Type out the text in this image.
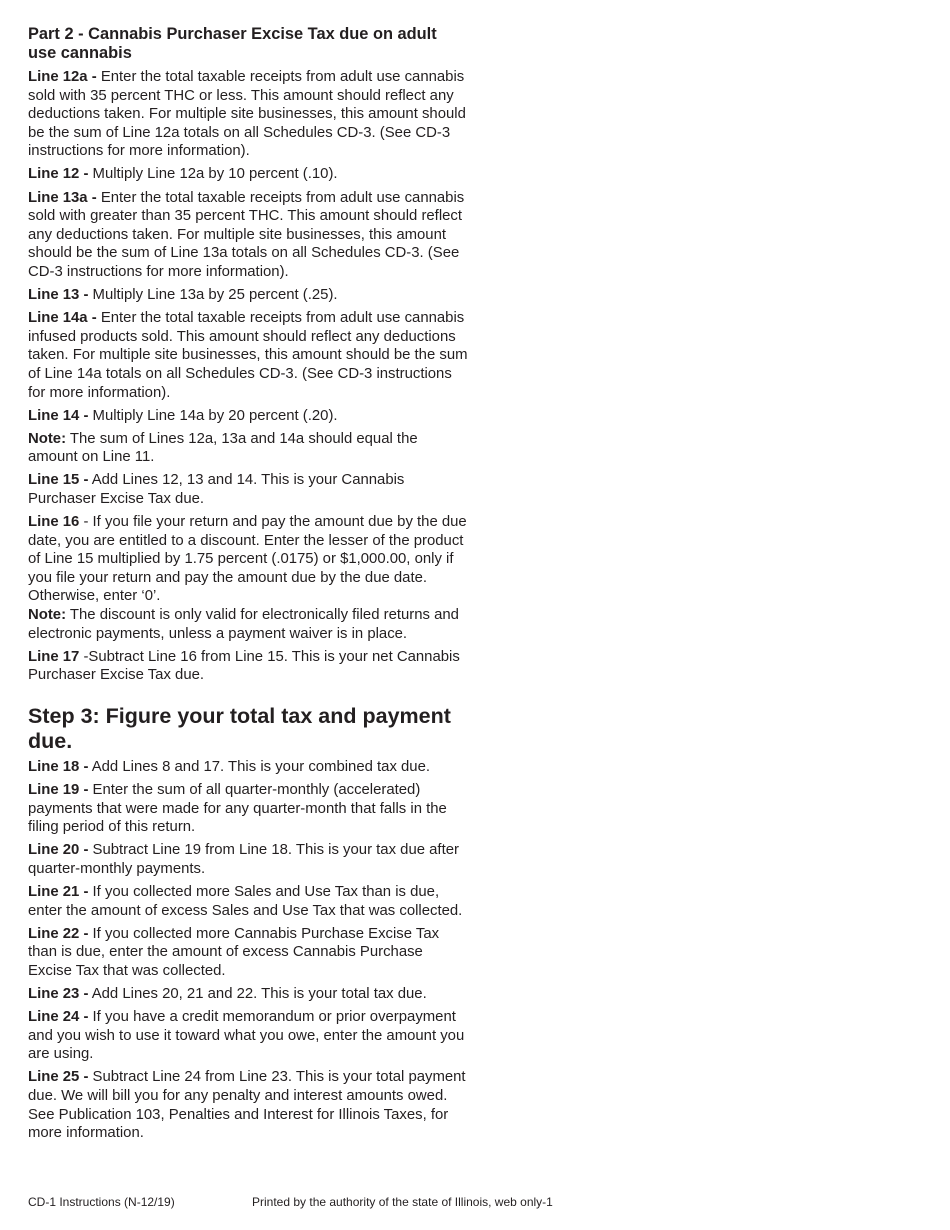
Part 2 - Cannabis Purchaser Excise Tax due on adult use cannabis

Line 12a - Enter the total taxable receipts from adult use cannabis sold with 35 percent THC or less. This amount should reflect any deductions taken. For multiple site businesses, this amount should be the sum of Line 12a totals on all Schedules CD-3. (See CD-3 instructions for more information).

Line 12 - Multiply Line 12a by 10 percent (.10).

Line 13a - Enter the total taxable receipts from adult use cannabis sold with greater than 35 percent THC. This amount should reflect any deductions taken. For multiple site businesses, this amount should be the sum of Line 13a totals on all Schedules CD-3. (See CD-3 instructions for more information).

Line 13 - Multiply Line 13a by 25 percent (.25).

Line 14a - Enter the total taxable receipts from adult use cannabis infused products sold. This amount should reflect any deductions taken. For multiple site businesses, this amount should be the sum of Line 14a totals on all Schedules CD-3. (See CD-3 instructions for more information).

Line 14 - Multiply Line 14a by 20 percent (.20).

Note: The sum of Lines 12a, 13a and 14a should equal the amount on Line 11.

Line 15 - Add Lines 12, 13 and 14. This is your Cannabis Purchaser Excise Tax due.

Line 16 - If you file your return and pay the amount due by the due date, you are entitled to a discount. Enter the lesser of the product of Line 15 multiplied by 1.75 percent (.0175) or $1,000.00, only if you file your return and pay the amount due by the due date. Otherwise, enter ‘0’.

Note: The discount is only valid for electronically filed returns and electronic payments, unless a payment waiver is in place.

Line 17 -Subtract Line 16 from Line 15. This is your net Cannabis Purchaser Excise Tax due.

Step 3: Figure your total tax and payment due.

Line 18 - Add Lines 8 and 17. This is your combined tax due.

Line 19 - Enter the sum of all quarter-monthly (accelerated) payments that were made for any quarter-month that falls in the filing period of this return.

Line 20 - Subtract Line 19 from Line 18. This is your tax due after quarter-monthly payments.

Line 21 - If you collected more Sales and Use Tax than is due, enter the amount of excess Sales and Use Tax that was collected.

Line 22 - If you collected more Cannabis Purchase Excise Tax than is due, enter the amount of excess Cannabis Purchase Excise Tax that was collected.

Line 23 - Add Lines 20, 21 and 22. This is your total tax due.

Line 24 - If you have a credit memorandum or prior overpayment and you wish to use it toward what you owe, enter the amount you are using.

Line 25 - Subtract Line 24 from Line 23. This is your total payment due. We will bill you for any penalty and interest amounts owed. See Publication 103, Penalties and Interest for Illinois Taxes, for more information.

CD-1 Instructions (N-12/19)	Printed by the authority of the state of Illinois, web only-1
